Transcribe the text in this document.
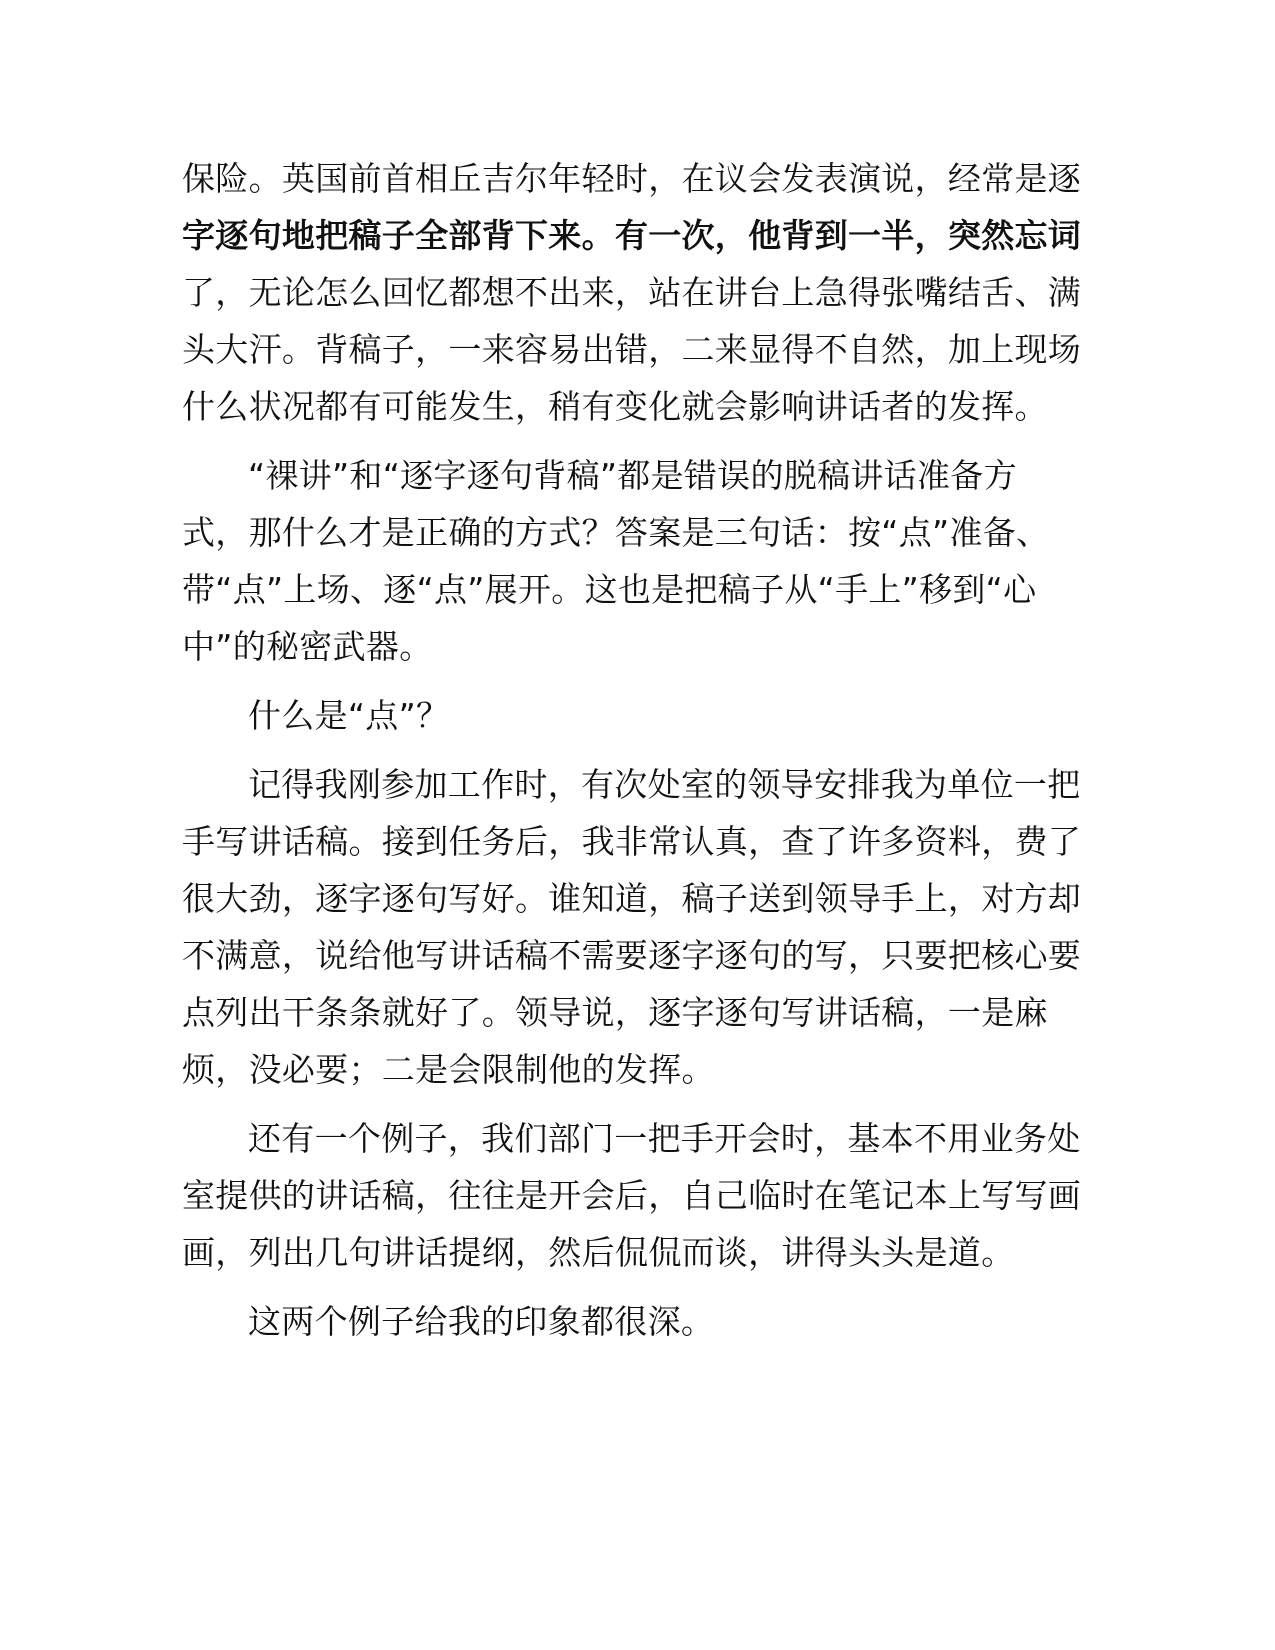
保险。英国前首相丘吉尔年轻时，在议会发表演说，经常是逐
字逐句地把稿子全部背下来。有一次，他背到一半，突然忘词
了，无论怎么回忆都想不出来，站在讲台上急得张嘴结舌、满
头大汗。背稿子，一来容易出错，二来显得不自然，加上现场
什么状况都有可能发生，稍有变化就会影响讲话者的发挥。
“裸讲”和“逐字逐句背稿”都是错误的脱稿讲话准备方
式，那什么才是正确的方式？答案是三句话：按“点”准备、
带“点”上场、逐“点”展开。这也是把稿子从“手上”移到“心
中”的秘密武器。
什么是“点”？
记得我刚参加工作时，有次处室的领导安排我为单位一把
手写讲话稿。接到任务后，我非常认真，查了许多资料，费了
很大劲，逐字逐句写好。谁知道，稿子送到领导手上，对方却
不满意，说给他写讲话稿不需要逐字逐句的写，只要把核心要
点列出干条条就好了。领导说，逐字逐句写讲话稿，一是麻
烦，没必要；二是会限制他的发挥。
还有一个例子，我们部门一把手开会时，基本不用业务处
室提供的讲话稿，往往是开会后，自己临时在笔记本上写写画
画，列出几句讲话提纲，然后侃侃而谈，讲得头头是道。
这两个例子给我的印象都很深。
